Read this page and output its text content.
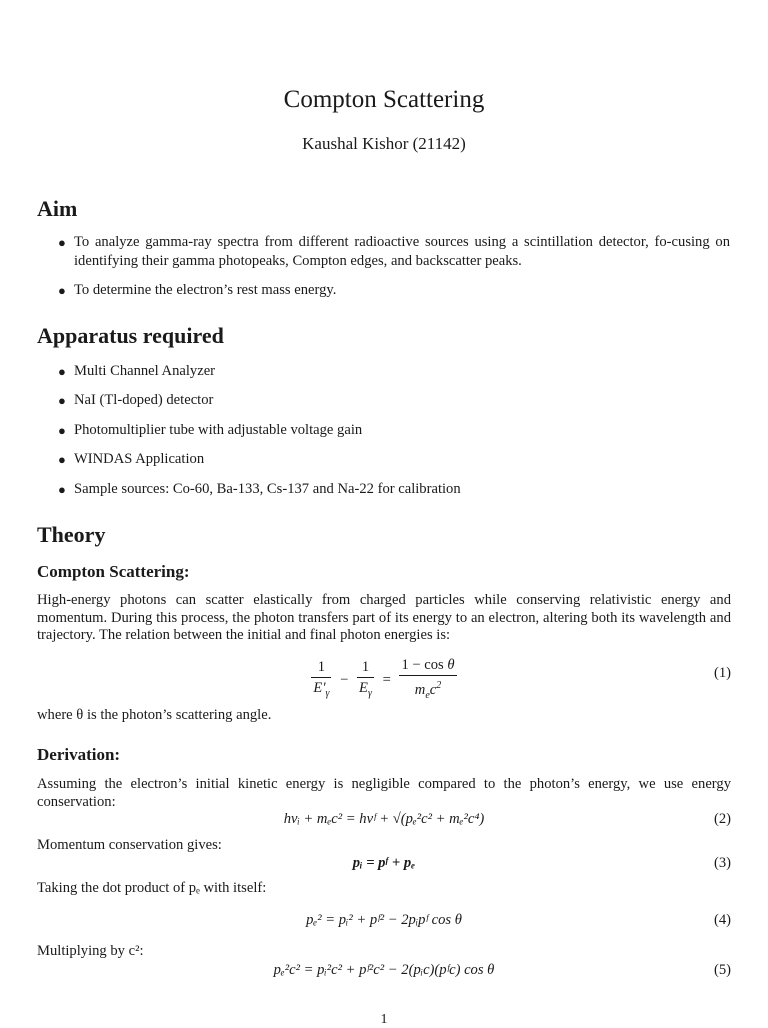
Compton Scattering
Kaushal Kishor (21142)
Aim
● To analyze gamma-ray spectra from different radioactive sources using a scintillation detector, fo-cusing on identifying their gamma photopeaks, Compton edges, and backscatter peaks.
● To determine the electron’s rest mass energy.
Apparatus required
● Multi Channel Analyzer
● NaI (Tl-doped) detector
● Photomultiplier tube with adjustable voltage gain
● WINDAS Application
● Sample sources: Co-60, Ba-133, Cs-137 and Na-22 for calibration
Theory
Compton Scattering:
High-energy photons can scatter elastically from charged particles while conserving relativistic energy and momentum. During this process, the photon transfers part of its energy to an electron, altering both its wavelength and trajectory. The relation between the initial and final photon energies is:
$\frac{1}{E'_\gamma} - \frac{1}{E_\gamma} = \frac{\text{1 − cos θ}}{m_ec^2}$	(1)
where θ is the photon’s scattering angle.
Derivation:
Assuming the electron’s initial kinetic energy is negligible compared to the photon’s energy, we use energy conservation:
hνᵢ + mₑc² = hνᶠ + √(pₑ²c² + mₑ²c⁴)	(2)
Momentum conservation gives:
pᵢ = pᶠ + pₑ	(3)
Taking the dot product of pₑ with itself:
pₑ² = pᵢ² + pᶠ² − 2pᵢpᶠ cos θ	(4)
Multiplying by c²:
pₑ²c² = pᵢ²c² + pᶠ²c² − 2(pᵢc)(pᶠc) cos θ	(5)
1
